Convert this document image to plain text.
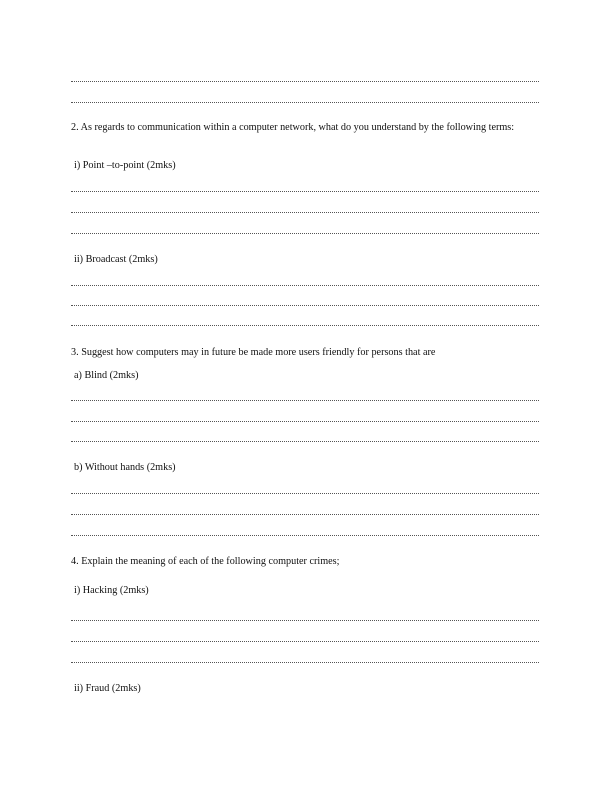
2. As regards to communication within a computer network, what do you understand by the following terms:
i) Point –to-point (2mks)
ii) Broadcast (2mks)
3. Suggest how computers may in future be made more users friendly for persons that are
a) Blind (2mks)
b) Without hands (2mks)
4. Explain the meaning of each of the following computer crimes;
i) Hacking (2mks)
ii) Fraud (2mks)
